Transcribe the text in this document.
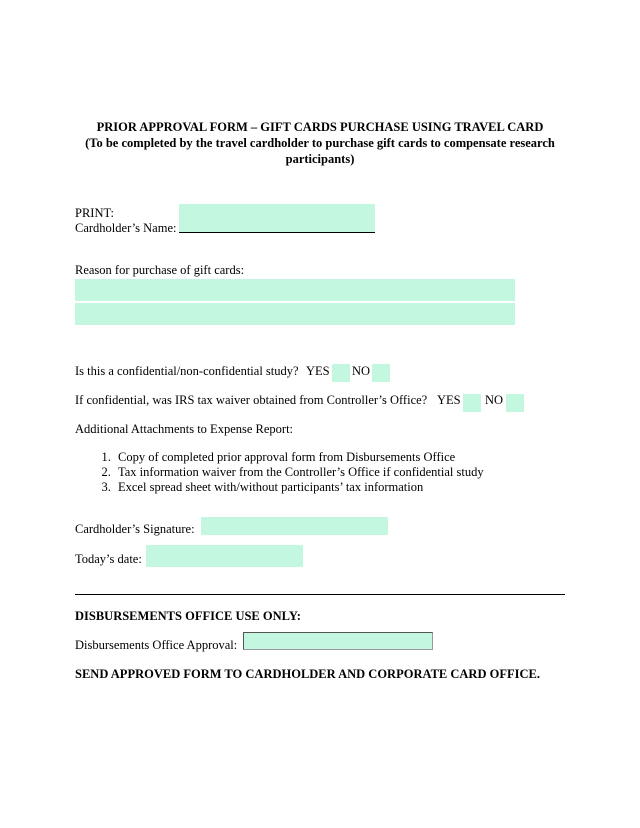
PRIOR APPROVAL FORM – GIFT CARDS PURCHASE USING TRAVEL CARD
(To be completed by the travel cardholder to purchase gift cards to compensate research
participants)
PRINT:
Cardholder’s Name:
Reason for purchase of gift cards:
Is this a confidential/non-confidential study? YES NO
If confidential, was IRS tax waiver obtained from Controller’s Office? YES NO
Additional Attachments to Expense Report:
1. Copy of completed prior approval form from Disbursements Office
2. Tax information waiver from the Controller’s Office if confidential study
3. Excel spread sheet with/without participants’ tax information
Cardholder’s Signature:
Today’s date:
DISBURSEMENTS OFFICE USE ONLY:
Disbursements Office Approval:
SEND APPROVED FORM TO CARDHOLDER AND CORPORATE CARD OFFICE.
